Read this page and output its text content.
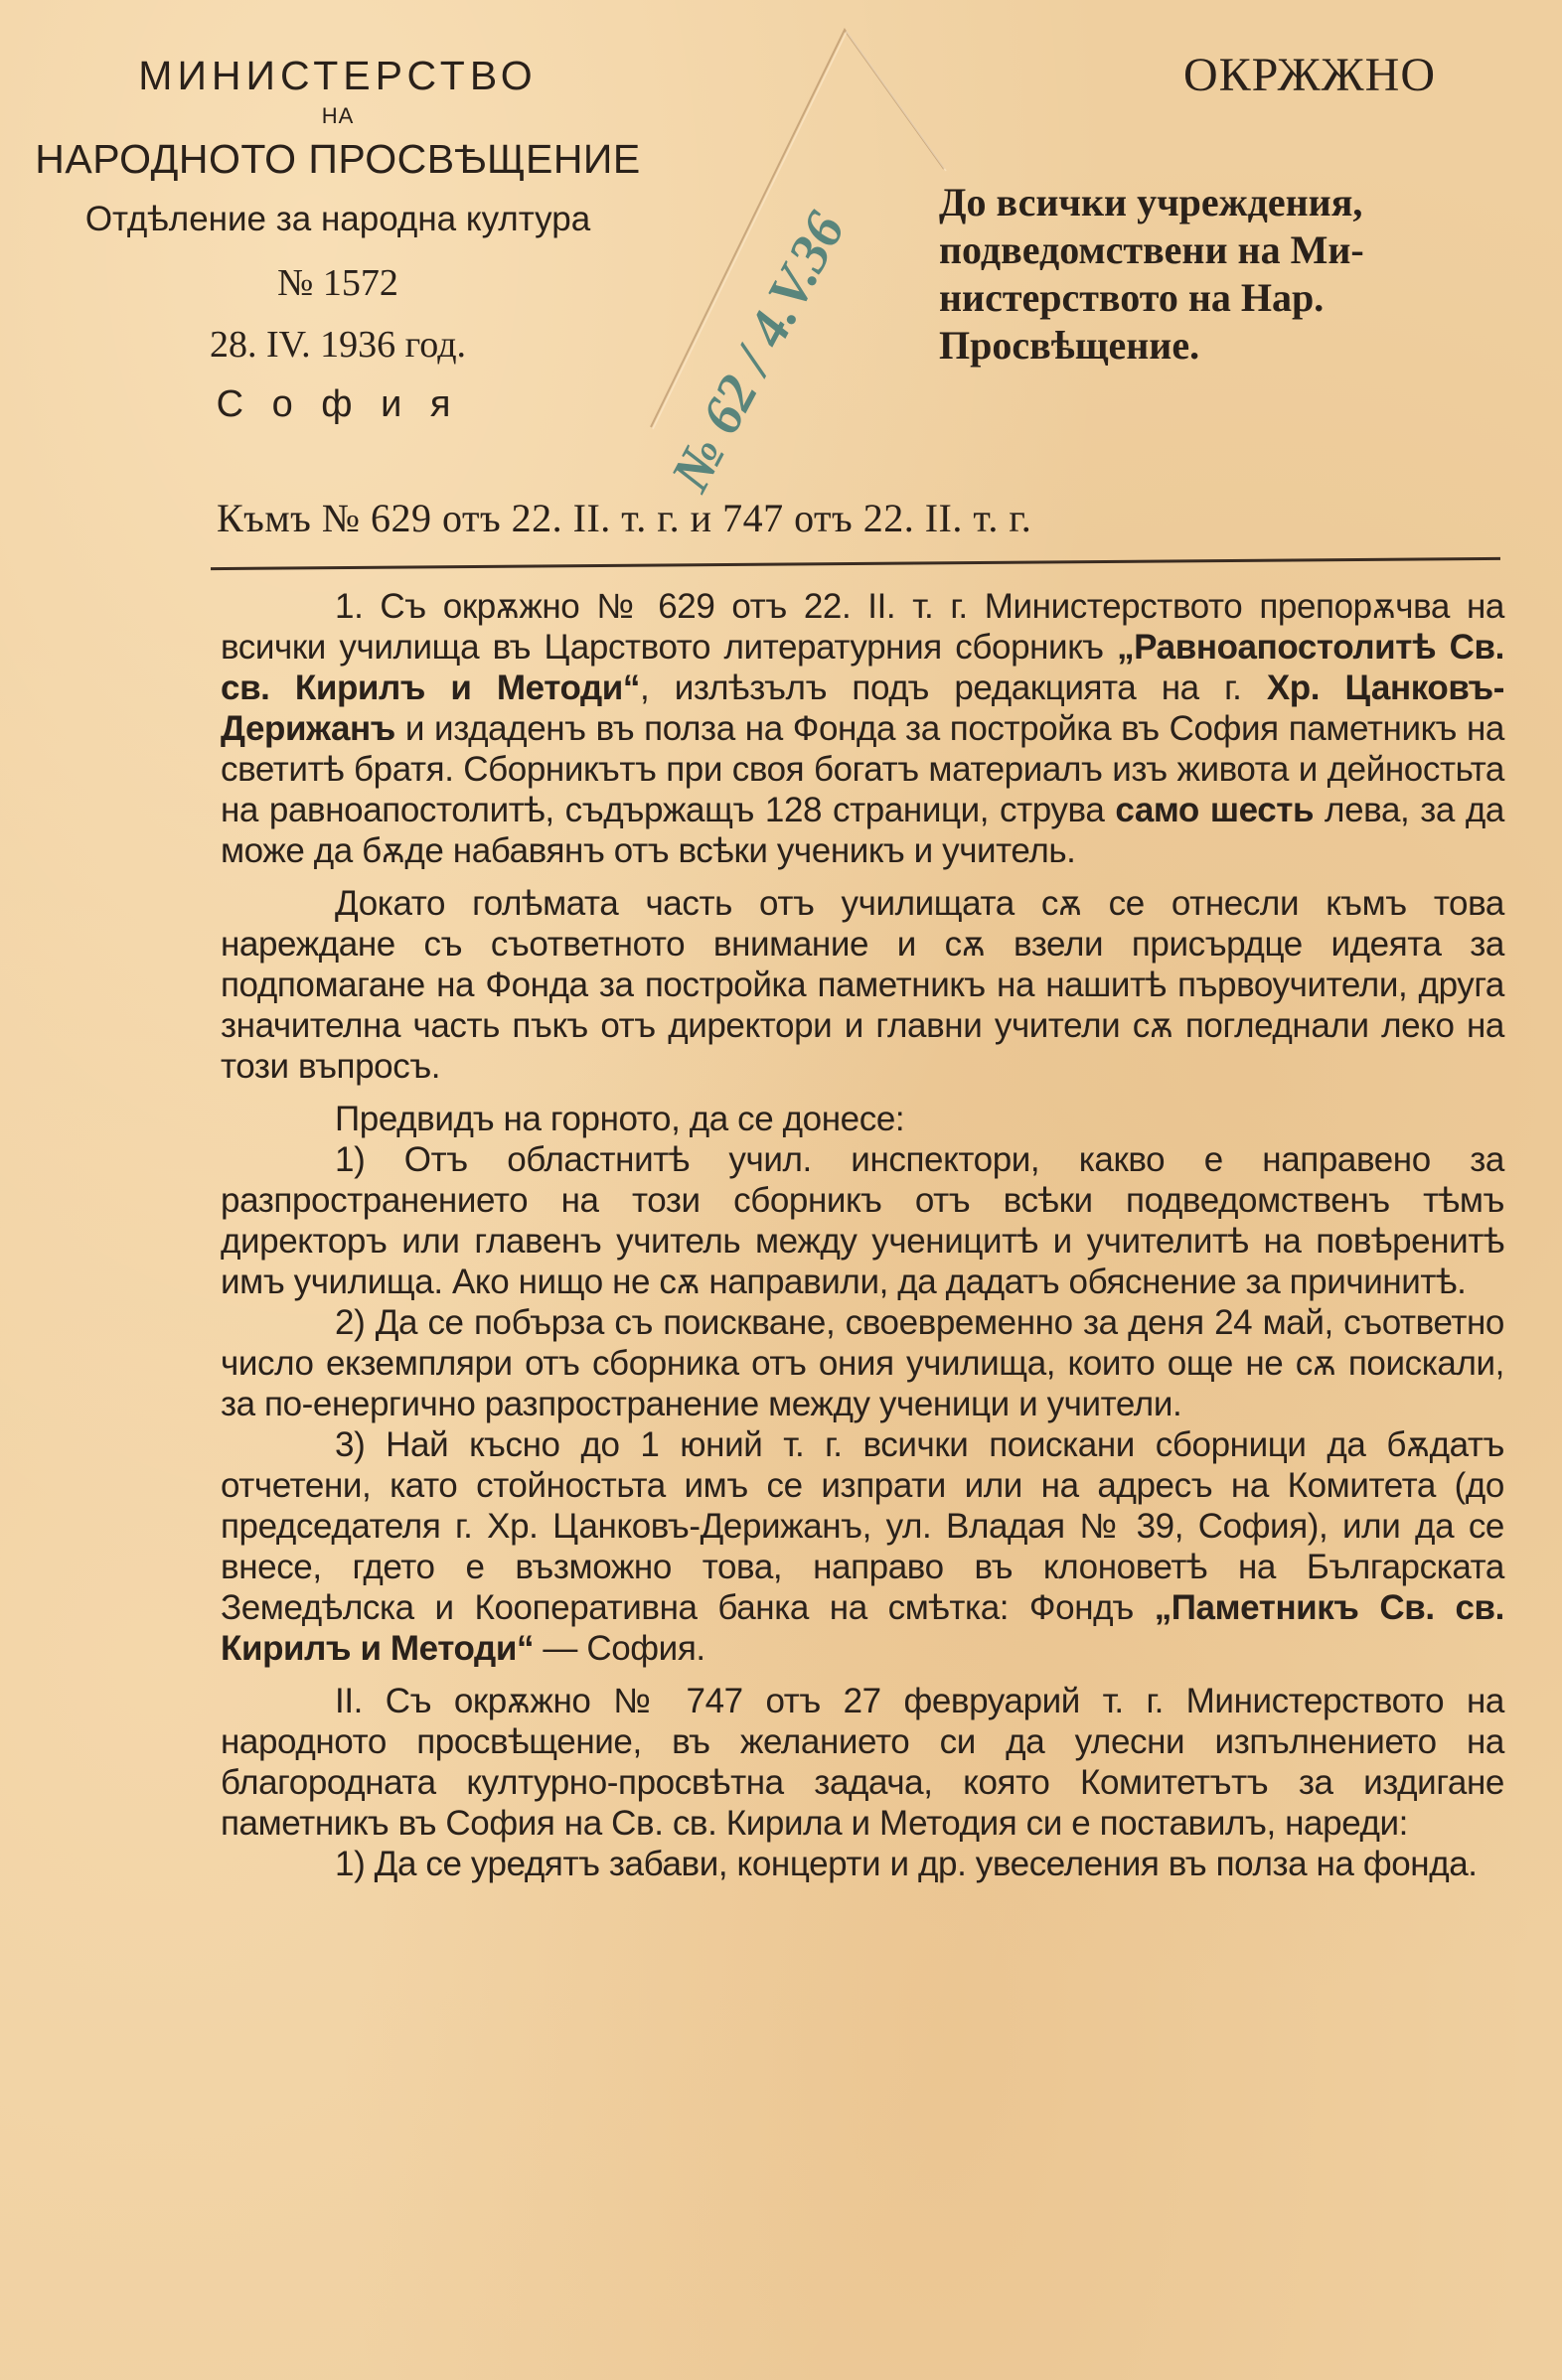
МИНИСТЕРСТВО
НА
НАРОДНОТО ПРОСВѢЩЕНИЕ
Отдѣление за народна култура
№ 1572
28. IV. 1936 год.
С о ф и я
ОКРЖЖНО
До всички учреждения,
подведомствени на Ми-
нистерството на Нар.
Просвѣщение.
№ 62 / 4.V.36
Къмъ № 629 отъ 22. II. т. г. и 747 отъ 22. II. т. г.

1. Съ окрѫжно № 629 отъ 22. II. т. г. Министерството препорѫчва на всички училища въ Царството литературния сборникъ „Равноапостолитѣ Св. св. Кирилъ и Методи“, излѣзълъ подъ редакцията на г. Хр. Цанковъ-Дерижанъ и издаденъ въ полза на Фонда за постройка въ София паметникъ на светитѣ братя. Сборникътъ при своя богатъ материалъ изъ живота и дейностьта на равноапостолитѣ, съдържащъ 128 страници, струва само шесть лева, за да може да бѫде набавянъ отъ всѣки ученикъ и учитель.

Докато голѣмата часть отъ училищата сѫ се отнесли къмъ това нареждане съ съответното внимание и сѫ взели присърдце идеята за подпомагане на Фонда за постройка паметникъ на нашитѣ първоучители, друга значителна часть пъкъ отъ директори и главни учители сѫ погледнали леко на този въпросъ.

Предвидъ на горното, да се донесе:

1) Отъ областнитѣ учил. инспектори, какво е направено за разпространението на този сборникъ отъ всѣки подведомственъ тѣмъ директоръ или главенъ учитель между ученицитѣ и учителитѣ на повѣренитѣ имъ училища. Ако нищо не сѫ направили, да дадатъ обяснение за причинитѣ.

2) Да се побърза съ поискване, своевременно за деня 24 май, съответно число екземпляри отъ сборника отъ ония училища, които още не сѫ поискали, за по-енергично разпространение между ученици и учители.

3) Най късно до 1 юний т. г. всички поискани сборници да бѫдатъ отчетени, като стойностьта имъ се изпрати или на адресъ на Комитета (до председателя г. Хр. Цанковъ-Дерижанъ, ул. Владая № 39, София), или да се внесе, гдето е възможно това, направо въ клоноветѣ на Българската Земедѣлска и Кооперативна банка на смѣтка: Фондъ „Паметникъ Св. св. Кирилъ и Методи“ — София.

II. Съ окрѫжно № 747 отъ 27 февруарий т. г. Министерството на народното просвѣщение, въ желанието си да улесни изпълнението на благородната културно-просвѣтна задача, която Комитетътъ за издигане паметникъ въ София на Св. св. Кирила и Методия си е поставилъ, нареди:

1) Да се уредятъ забави, концерти и др. увеселения въ полза на фонда.
